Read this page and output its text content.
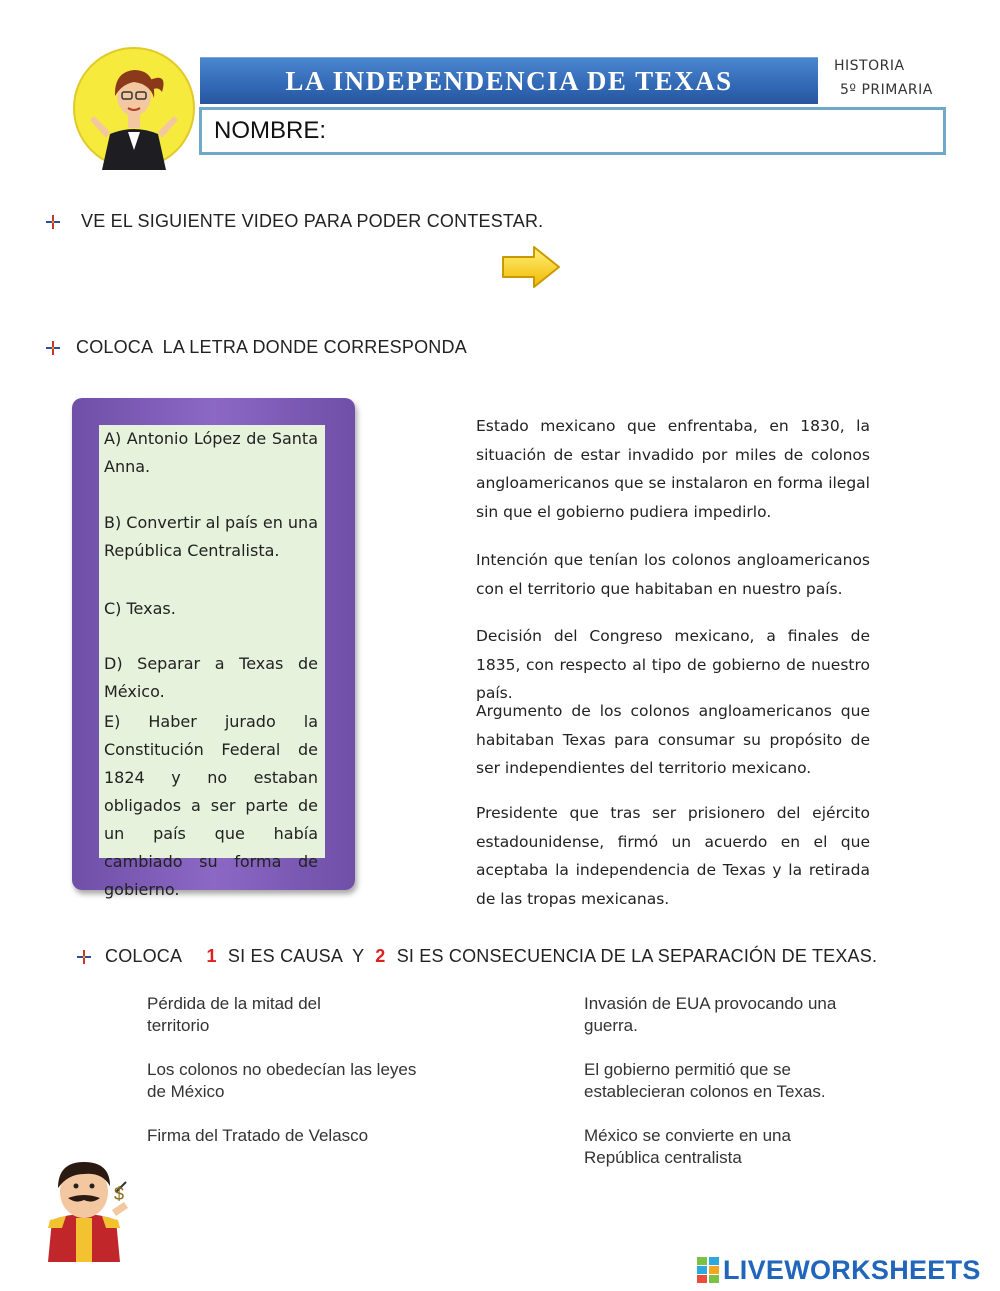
LA INDEPENDENCIA DE TEXAS	HISTORIA
5º PRIMARIA
NOMBRE:
VE EL SIGUIENTE VIDEO PARA PODER CONTESTAR.
COLOCA  LA LETRA DONDE CORRESPONDA
A) Antonio López de Santa Anna.
B) Convertir al país en una República Centralista.
C) Texas.
D) Separar a Texas de México.
E) Haber jurado la Constitución Federal de 1824 y no estaban obligados a ser parte de un país que había cambiado su forma de gobierno.
Estado mexicano que enfrentaba, en 1830, la situación de estar invadido por miles de colonos angloamericanos que se instalaron en forma ilegal sin que el gobierno pudiera impedirlo.
Intención que tenían los colonos angloamericanos con el territorio que habitaban en nuestro país.
Decisión del Congreso mexicano, a finales de 1835, con respecto al tipo de gobierno de nuestro país.
Argumento de los colonos angloamericanos que habitaban Texas para consumar su propósito de ser independientes del territorio mexicano.
Presidente que tras ser prisionero del ejército estadounidense, firmó un acuerdo en el que aceptaba la independencia de Texas y la retirada de las tropas mexicanas.
COLOCA 1 SI ES CAUSA  Y 2 SI ES CONSECUENCIA DE LA SEPARACIÓN DE TEXAS.
Pérdida de la mitad del territorio
Los colonos no obedecían las leyes de México
Firma del Tratado de Velasco
Invasión de EUA provocando una guerra.
El gobierno permitió que se establecieran colonos en Texas.
México se convierte en una República centralista
$
LIVEWORKSHEETS
